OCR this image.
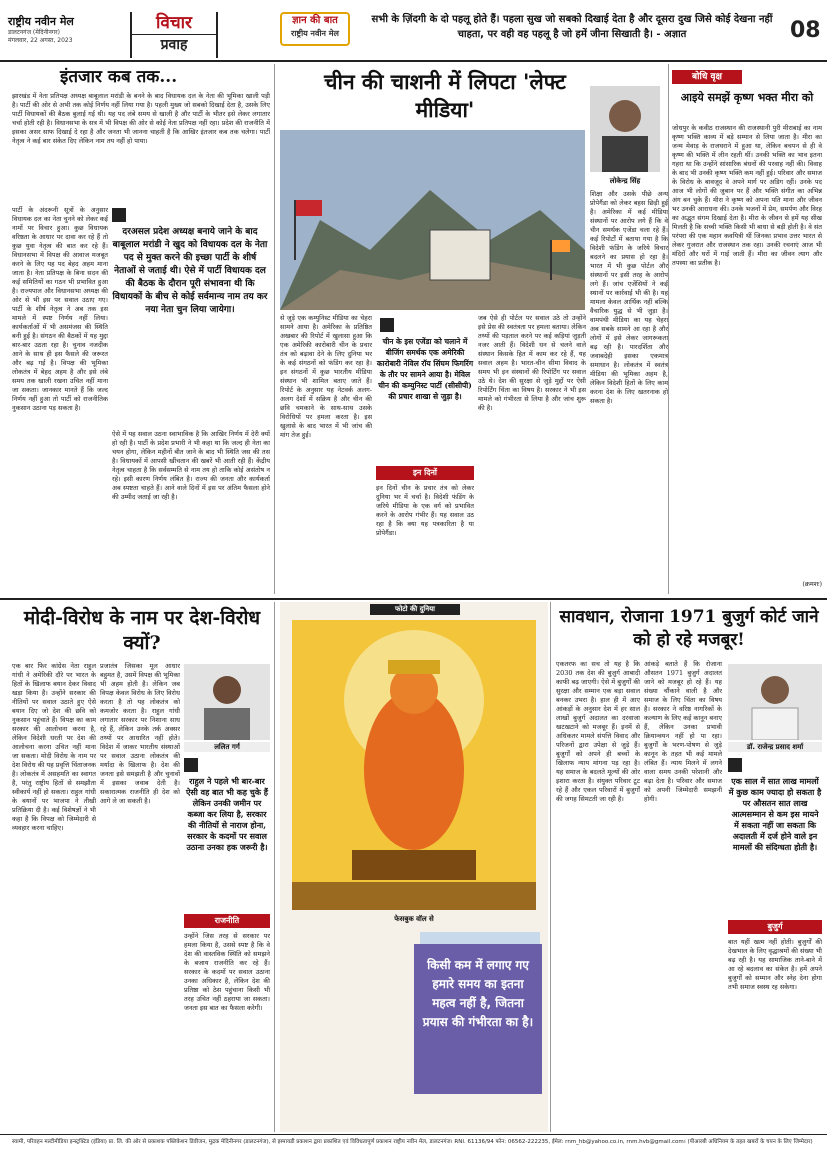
राष्ट्रीय नवीन मेल
डालटनगंज (मेदिनीनगर)
मंगलवार, 22 अगस्त, 2023
विचार
प्रवाह
ज्ञान की बात
राष्ट्रीय नवीन मेल
सभी के ज़िंदगी के दो पहलू होते हैं। पहला सुख जो सबको दिखाई देता है और दूसरा दुख जिसे कोई देखना नहीं चाहता, पर वही वह पहलू है जो हमें जीना सिखाती है। - अज्ञात	08
इंतजार कब तक...
झारखंड में नेता प्रतिपक्ष अध्यक्ष बाबूलाल मरांडी के बनने के बाद विधायक दल के नेता की भूमिका खाली पड़ी है। पार्टी की ओर से अभी तक कोई निर्णय नहीं लिया गया है। पहली मुख्य जो सबको दिखाई देता है, उसके लिए पार्टी विधायकों की बैठक बुलाई गई थी। यह पद लंबे समय से खाली है और पार्टी के भीतर इसे लेकर लगातार चर्चा होती रही है। विधानसभा के सत्र में भी विपक्ष की ओर से कोई नेता प्रतिपक्ष नहीं रहा। प्रदेश की राजनीति में इसका असर साफ दिखाई दे रहा है और जनता भी जानना चाहती है कि आखिर इंतजार कब तक चलेगा। पार्टी नेतृत्व ने कई बार संकेत दिए लेकिन नाम तय नहीं हो पाया।
पार्टी के अंदरूनी सूत्रों के अनुसार विधायक दल का नेता चुनने को लेकर कई नामों पर विचार हुआ। कुछ विधायक वरिष्ठता के आधार पर दावा कर रहे हैं तो कुछ युवा नेतृत्व की बात कर रहे हैं। विधानसभा में विपक्ष की आवाज मजबूत करने के लिए यह पद बेहद अहम माना जाता है। नेता प्रतिपक्ष के बिना सदन की कई समितियों का गठन भी प्रभावित हुआ है। राज्यपाल और विधानसभा अध्यक्ष की ओर से भी इस पर सवाल उठाए गए। पार्टी के शीर्ष नेतृत्व ने अब तक इस मामले में स्पष्ट निर्णय नहीं लिया। कार्यकर्ताओं में भी असमंजस की स्थिति बनी हुई है। संगठन की बैठकों में यह मुद्दा बार-बार उठता रहा है। चुनाव नजदीक आने के साथ ही इस फैसले की जरूरत और बढ़ गई है। विपक्ष की भूमिका लोकतंत्र में बेहद अहम है और इसे लंबे समय तक खाली रखना उचित नहीं माना जा सकता। जानकार मानते हैं कि जल्द निर्णय नहीं हुआ तो पार्टी को राजनीतिक नुकसान उठाना पड़ सकता है।
दरअसल प्रदेश अध्यक्ष बनाये जाने के बाद बाबूलाल मरांडी ने खुद को विधायक दल के नेता पद से मुक्त करने की इच्छा पार्टी के शीर्ष नेताओं से जताई थी। ऐसे में पार्टी विधायक दल की बैठक के दौरान पूरी संभावना थी कि विधायकों के बीच से कोई सर्वमान्य नाम तय कर नया नेता चुन लिया जायेगा।
ऐसे में यह सवाल उठना स्वाभाविक है कि आखिर निर्णय में देरी क्यों हो रही है। पार्टी के प्रदेश प्रभारी ने भी कहा था कि जल्द ही नेता का चयन होगा, लेकिन महीनों बीत जाने के बाद भी स्थिति जस की तस है। विधायकों में आपसी खींचतान की खबरें भी आती रही हैं। केंद्रीय नेतृत्व चाहता है कि सर्वसम्मति से नाम तय हो ताकि कोई असंतोष न रहे। इसी कारण निर्णय लंबित है। राज्य की जनता और कार्यकर्ता अब स्पष्टता चाहते हैं। आने वाले दिनों में इस पर अंतिम फैसला होने की उम्मीद जताई जा रही है।
चीन की चाशनी में लिपटा 'लेफ्ट मीडिया'
लोकेन्द्र सिंह
शिक्षा और उसके पीछे अन्य प्रोपेगैंडा को लेकर बहस छिड़ी हुई है। अमेरिका में कई मीडिया संस्थानों पर आरोप लगे हैं कि वे चीन समर्थक एजेंडा चला रहे हैं। कई रिपोर्टों में बताया गया है कि विदेशी फंडिंग के जरिये विचार बदलने का प्रयास हो रहा है। भारत में भी कुछ पोर्टल और संस्थानों पर इसी तरह के आरोप लगे हैं। जांच एजेंसियों ने कई स्थानों पर कार्रवाई भी की है। यह मामला केवल आर्थिक नहीं बल्कि वैचारिक युद्ध से भी जुड़ा है। वामपंथी मीडिया का यह चेहरा अब सबके सामने आ रहा है और लोगों में इसे लेकर जागरूकता बढ़ रही है। पारदर्शिता और जवाबदेही इसका एकमात्र समाधान है। लोकतंत्र में स्वतंत्र मीडिया की भूमिका अहम है, लेकिन विदेशी हितों के लिए काम करना देश के लिए खतरनाक हो सकता है।
से जुड़े एक कम्युनिस्ट मीडिया का चेहरा सामने आया है। अमेरिका के प्रतिष्ठित अखबार की रिपोर्ट में खुलासा हुआ कि एक अमेरिकी कारोबारी चीन के प्रचार तंत्र को बढ़ावा देने के लिए दुनिया भर के कई संगठनों को फंडिंग कर रहा है। इन संगठनों में कुछ भारतीय मीडिया संस्थान भी शामिल बताए जाते हैं। रिपोर्ट के अनुसार यह नेटवर्क अलग-अलग देशों में सक्रिय है और चीन की छवि चमकाने के साथ-साथ उसके विरोधियों पर हमला करता है। इस खुलासे के बाद भारत में भी जांच की मांग तेज हुई।
चीन के इस एजेंडा को चलाने में बीजिंग समर्थक एक अमेरिकी कारोबारी नेविल रॉय सिंघम फिगरिंग के तौर पर सामने आया है। मेविल चीन की कम्युनिस्ट पार्टी (सीसीपी) की प्रचार शाखा से जुड़ा है।
इन दिनों
इन दिनों चीन के प्रचार तंत्र को लेकर दुनिया भर में चर्चा है। विदेशी फंडिंग के जरिये मीडिया के एक वर्ग को प्रभावित करने के आरोप गंभीर हैं। यह सवाल उठ रहा है कि क्या यह पत्रकारिता है या प्रोपेगैंडा।
जब ऐसे ही पोर्टल पर सवाल उठे तो उन्होंने इसे प्रेस की स्वतंत्रता पर हमला बताया। लेकिन तथ्यों की पड़ताल करने पर कई कड़ियां जुड़ती नजर आती हैं। विदेशी धन से चलने वाले संस्थान किसके हित में काम कर रहे हैं, यह सवाल अहम है। भारत-चीन सीमा विवाद के समय भी इन संस्थानों की रिपोर्टिंग पर सवाल उठे थे। देश की सुरक्षा से जुड़े मुद्दों पर ऐसी रिपोर्टिंग चिंता का विषय है। सरकार ने भी इस मामले को गंभीरता से लिया है और जांच शुरू की है।
बोधि वृक्ष
आइये समझें कृष्ण भक्त मीरा को
जोधपुर के कवीठ राजस्थान की राजस्थानी पुरी मीराबाई का नाम कृष्ण भक्ति काव्य में बड़े सम्मान से लिया जाता है। मीरा का जन्म मेवाड़ के राजघराने में हुआ था, लेकिन बचपन से ही वे कृष्ण की भक्ति में लीन रहती थीं। उनकी भक्ति का भाव इतना गहरा था कि उन्होंने सांसारिक बंधनों की परवाह नहीं की। विवाह के बाद भी उनकी कृष्ण भक्ति कम नहीं हुई। परिवार और समाज के विरोध के बावजूद वे अपने मार्ग पर अडिग रहीं। उनके पद आज भी लोगों की जुबान पर हैं और भक्ति संगीत का अभिन्न अंग बन चुके हैं। मीरा ने कृष्ण को अपना पति माना और जीवन भर उनकी आराधना की। उनके भजनों में प्रेम, समर्पण और विरह का अद्भुत संगम दिखाई देता है। मीरा के जीवन से हमें यह सीख मिलती है कि सच्ची भक्ति किसी भी बाधा से बड़ी होती है। वे संत परंपरा की एक महान कवयित्री थीं जिनका प्रभाव उत्तर भारत से लेकर गुजरात और राजस्थान तक रहा। उनकी रचनाएं आज भी मंदिरों और घरों में गाई जाती हैं। मीरा का जीवन त्याग और तपस्या का प्रतीक है।
(क्रमशः)
मोदी-विरोध के नाम पर देश-विरोध क्यों?
एक बार फिर कांग्रेस नेता राहुल गांधी ने अमेरिकी दौरे पर भारत के हितों के खिलाफ बयान देकर विवाद खड़ा किया है। उन्होंने सरकार की नीतियों पर सवाल उठाते हुए ऐसे बयान दिए जो देश की छवि को नुकसान पहुंचाते हैं। विपक्ष का काम सरकार की आलोचना करना है, लेकिन विदेशी धरती पर देश की आलोचना करना उचित नहीं माना जा सकता। मोदी विरोध के नाम पर देश विरोध की यह प्रवृत्ति चिंताजनक है। लोकतंत्र में असहमति का स्वागत है, परंतु राष्ट्रीय हितों से समझौता स्वीकार्य नहीं हो सकता। राहुल गांधी के बयानों पर भाजपा ने तीखी प्रतिक्रिया दी है। कई विशेषज्ञों ने भी कहा है कि विपक्ष को जिम्मेदारी से व्यवहार करना चाहिए।
प्रजातंत्र जिसका मूल आधार बहुमत है, उसमें विपक्ष की भूमिका भी अहम होती है। लेकिन जब विपक्ष केवल विरोध के लिए विरोध करता है तो यह लोकतंत्र को कमजोर करता है। राहुल गांधी लगातार सरकार पर निशाना साध रहे हैं, लेकिन उनके तर्क अक्सर तथ्यों पर आधारित नहीं होते। विदेश में जाकर भारतीय संस्थाओं पर सवाल उठाना लोकतंत्र की मर्यादा के खिलाफ है। देश की जनता इसे समझती है और चुनावों में इसका जवाब देती है। सकारात्मक राजनीति ही देश को आगे ले जा सकती है।
ललित गर्ग
राहुल ने पहले भी बार-बार ऐसी वह बात भी कह चुके हैं लेकिन उनकी जमीन पर कब्जा कर लिया है, सरकार की नीतियों से नाराज होना, सरकार के कदमों पर सवाल उठाना उनका हक जरूरी है।
राजनीति
उन्होंने जिस तरह से सरकार पर हमला किया है, उससे स्पष्ट है कि वे देश की वास्तविक स्थिति को समझने के बजाय राजनीति कर रहे हैं। सरकार के कदमों पर सवाल उठाना उनका अधिकार है, लेकिन देश की प्रतिष्ठा को ठेस पहुंचाना किसी भी तरह उचित नहीं ठहराया जा सकता। जनता इस बात का फैसला करेगी।
फोटो की दुनिया
फेसबुक वॉल से
किसी कम में लगाए गए हमारे समय का इतना महत्व नहीं है, जितना प्रयास की गंभीरता का है।
सावधान, रोजाना 1971 बुजुर्ग कोर्ट जाने को हो रहे मजबूर!
एकतरफ का सच तो यह है कि 2030 तक देश की बुजुर्ग आबादी काफी बढ़ जाएगी। ऐसे में बुजुर्गों की सुरक्षा और सम्मान एक बड़ा सवाल बनकर उभरा है। हाल ही में आए आंकड़ों के अनुसार देश में हर साल लाखों बुजुर्ग अदालत का दरवाजा खटखटाने को मजबूर हैं। इनमें से अधिकतर मामले संपत्ति विवाद और परिजनों द्वारा उपेक्षा से जुड़े हैं। बुजुर्गों को अपने ही बच्चों के खिलाफ न्याय मांगना पड़ रहा है। यह समाज के बदलते मूल्यों की ओर इशारा करता है। संयुक्त परिवार टूट रहे हैं और एकल परिवारों में बुजुर्गों की जगह सिमटती जा रही है।
आंकड़े बताते हैं कि रोजाना औसतन 1971 बुजुर्ग अदालत जाने को मजबूर हो रहे हैं। यह संख्या चौंकाने वाली है और समाज के लिए चिंता का विषय है। सरकार ने वरिष्ठ नागरिकों के कल्याण के लिए कई कानून बनाए हैं, लेकिन उनका प्रभावी क्रियान्वयन नहीं हो पा रहा। बुजुर्गों के भरण-पोषण से जुड़े कानून के तहत भी कई मामले लंबित हैं। न्याय मिलने में लगने वाला समय उनकी परेशानी और बढ़ा देता है। परिवार और समाज को अपनी जिम्मेदारी समझनी होगी।
डॉ. राजेन्द्र प्रसाद शर्मा
एक साल में सात लाख मामलों में कुछ काम ज्यादा हो सकता है पर औसतन सात लाख आत्मसम्मान से कम इस मायने में सकता नहीं जा सकता कि अदालती में दर्ज होने वाले इन मामलों की संदिग्धता होती है।
बुजुर्ग
बात यहीं खत्म नहीं होती। बुजुर्गों की देखभाल के लिए वृद्धाश्रमों की संख्या भी बढ़ रही है। यह सामाजिक ताने-बाने में आ रहे बदलाव का संकेत है। हमें अपने बुजुर्गों को सम्मान और स्नेह देना होगा तभी समाज स्वस्थ रह सकेगा।
स्वामी, परिवहन मल्टीमीडिया इन्स्ट्रक्टिड (इंडिया) प्रा. लि. की ओर से प्रकाशक पब्लिकेशन डिवीजन, मुद्रक मेदिनीनगर (डालटनगंज), से इस्पायडी प्रकाशन द्वारा प्रकाशित एवं विविधतापूर्ण प्रकाशन राष्ट्रीय नवीन मेल, डालटनगंज। RNI. 61136/94 फोन: 06562-222235, ईमेल: rnm_hb@yahoo.co.in, rnm.hvb@gmail.com। (पीआरबी अधिनियम के तहत खबरों के चयन के लिए जिम्मेदार)
